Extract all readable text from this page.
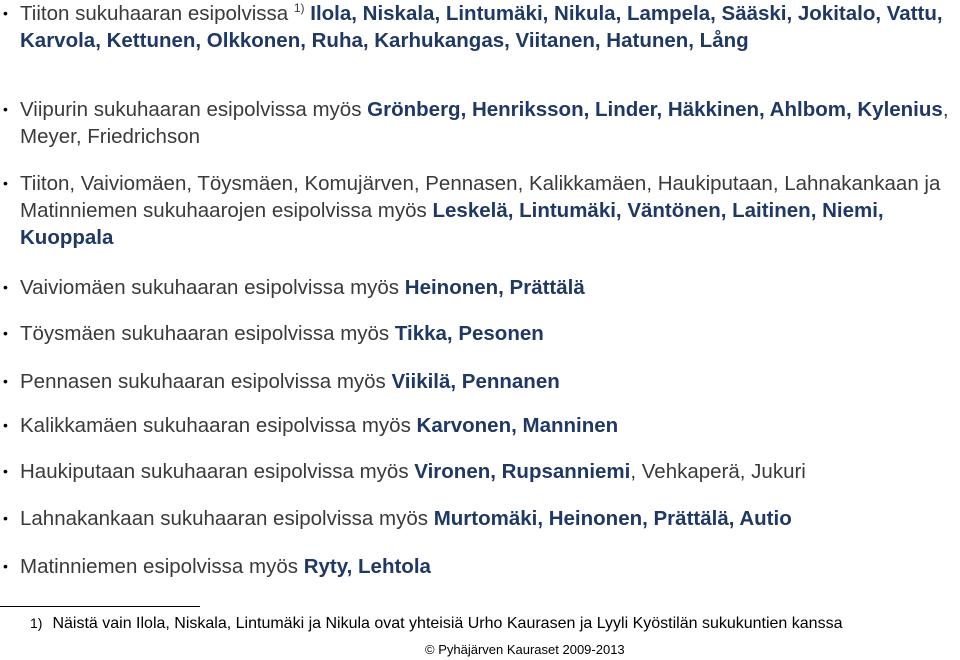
• Tiiton sukuhaaran esipolvissa $^{1)}$ Ilola, Niskala, Lintumäki, Nikula, Lampela, Sääski, Jokitalo, Vattu, Karvola, Kettunen, Olkkonen, Ruha, Karhukangas, Viitanen, Hatunen, Lång
• Viipurin sukuhaaran esipolvissa myös Grönberg, Henriksson, Linder, Häkkinen, Ahlbom, Kylenius, Meyer, Friedrichson
• Tiiton, Vaiviomäen, Töysmäen, Komujärven, Pennasen, Kalikkamäen, Haukiputaan, Lahnakankaan ja Matinniemen sukuhaarojen esipolvissa myös Leskelä, Lintumäki, Väntönen, Laitinen, Niemi, Kuoppala
• Vaiviomäen sukuhaaran esipolvissa myös Heinonen, Prättälä
• Töysmäen sukuhaaran esipolvissa myös Tikka, Pesonen
• Pennasen sukuhaaran esipolvissa myös Viikilä, Pennanen
• Kalikkamäen sukuhaaran esipolvissa myös Karvonen, Manninen
• Haukiputaan sukuhaaran esipolvissa myös Vironen, Rupsanniemi, Vehkaperä, Jukuri
• Lahnakankaan sukuhaaran esipolvissa myös Murtomäki, Heinonen, Prättälä, Autio
• Matinniemen esipolvissa myös Ryty, Lehtola
1) Näistä vain Ilola, Niskala, Lintumäki ja Nikula ovat yhteisiä Urho Kaurasen ja Lyyli Kyöstilän sukukuntien kanssa
© Pyhäjärven Kauraset 2009-2013
